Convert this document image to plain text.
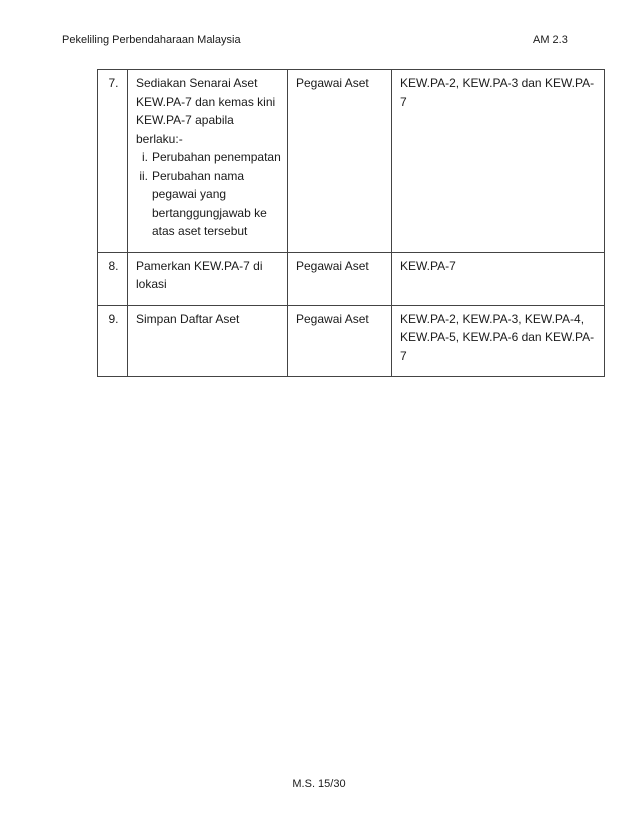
Pekeliling Perbendaharaan Malaysia	AM 2.3
7.	Sediakan Senarai Aset KEW.PA-7 dan kemas kini KEW.PA-7 apabila berlaku:-
i. Perubahan penempatan
ii. Perubahan nama pegawai yang bertanggungjawab ke atas aset tersebut	Pegawai Aset	KEW.PA-2, KEW.PA-3 dan KEW.PA-7
8.	Pamerkan KEW.PA-7 di lokasi	Pegawai Aset	KEW.PA-7
9.	Simpan Daftar Aset	Pegawai Aset	KEW.PA-2, KEW.PA-3, KEW.PA-4, KEW.PA-5, KEW.PA-6 dan KEW.PA-7
M.S. 15/30
